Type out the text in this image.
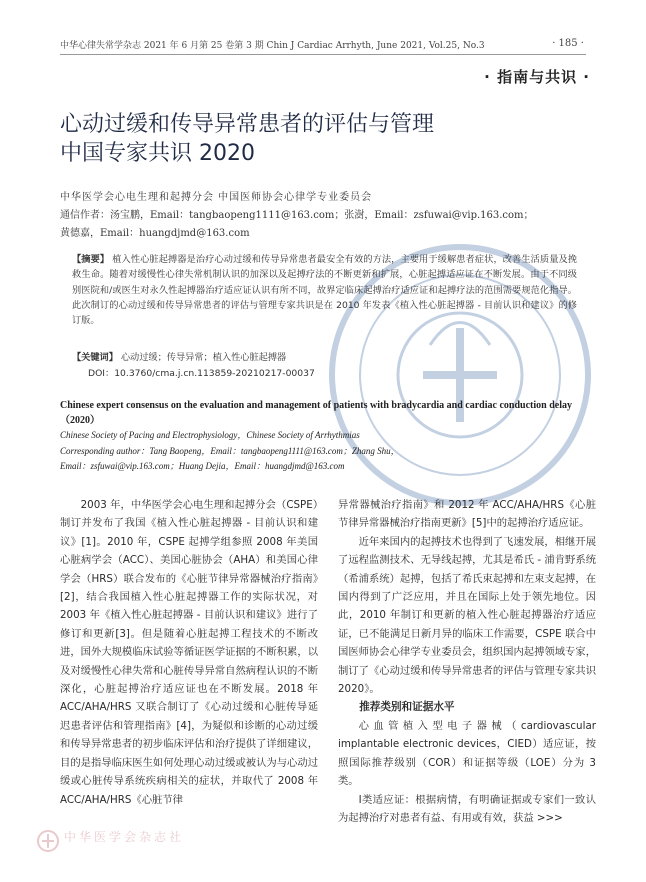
中华心律失常学杂志 2021 年 6 月第 25 卷第 3 期 Chin J Cardiac Arrhyth, June 2021, Vol.25, No.3	· 185 ·
· 指南与共识 ·
心动过缓和传导异常患者的评估与管理
中国专家共识 2020
中华医学会心电生理和起搏分会 中国医师协会心律学专业委员会
通信作者：汤宝鹏，Email：tangbaopeng1111@163.com；张澍，Email：zsfuwai@vip.163.com；
黄德嘉，Email：huangdjmd@163.com
【摘要】 植入性心脏起搏器是治疗心动过缓和传导异常患者最安全有效的方法，主要用于缓解患者症状，改善生活质量及挽救生命。随着对缓慢性心律失常机制认识的加深以及起搏疗法的不断更新和扩展，心脏起搏适应证在不断发展。由于不同级别医院和/或医生对永久性起搏器治疗适应证认识有所不同，故界定临床起搏治疗适应证和起搏疗法的范围需要规范化指导。此次制订的心动过缓和传导异常患者的评估与管理专家共识是在 2010 年发表《植入性心脏起搏器 - 目前认识和建议》的修订版。
【关键词】 心动过缓；传导异常；植入性心脏起搏器
DOI：10.3760/cma.j.cn.113859-20210217-00037
Chinese expert consensus on the evaluation and management of patients with bradycardia and cardiac conduction delay（2020）
Chinese Society of Pacing and Electrophysiology，Chinese Society of Arrhythmias
Corresponding author：Tang Baopeng，Email：tangbaopeng1111@163.com；Zhang Shu，
Email：zsfuwai@vip.163.com；Huang Dejia，Email：huangdjmd@163.com

2003 年，中华医学会心电生理和起搏分会（CSPE）制订并发布了我国《植入性心脏起搏器 - 目前认识和建议》[1]。2010 年，CSPE 起搏学组参照 2008 年美国心脏病学会（ACC）、美国心脏协会（AHA）和美国心律学会（HRS）联合发布的《心脏节律异常器械治疗指南》[2]，结合我国植入性心脏起搏器工作的实际状况，对 2003 年《植入性心脏起搏器 - 目前认识和建议》进行了修订和更新[3]。但是随着心脏起搏工程技术的不断改进，国外大规模临床试验等循证医学证据的不断积累，以及对缓慢性心律失常和心脏传导异常自然病程认识的不断深化，心脏起搏治疗适应证也在不断发展。2018 年 ACC/AHA/HRS 又联合制订了《心动过缓和心脏传导延迟患者评估和管理指南》[4]，为疑似和诊断的心动过缓和传导异常患者的初步临床评估和治疗提供了详细建议，目的是指导临床医生如何处理心动过缓或被认为与心动过缓或心脏传导系统疾病相关的症状，并取代了 2008 年 ACC/AHA/HRS《心脏节律

异常器械治疗指南》和 2012 年 ACC/AHA/HRS《心脏节律异常器械治疗指南更新》[5]中的起搏治疗适应证。

近年来国内的起搏技术也得到了飞速发展，相继开展了远程监测技术、无导线起搏，尤其是希氏 - 浦肯野系统（希浦系统）起搏，包括了希氏束起搏和左束支起搏，在国内得到了广泛应用，并且在国际上处于领先地位。因此，2010 年制订和更新的植入性心脏起搏器治疗适应证，已不能满足日新月异的临床工作需要，CSPE 联合中国医师协会心律学专业委员会，组织国内起搏领域专家，制订了《心动过缓和传导异常患者的评估与管理专家共识 2020》。

推荐类别和证据水平

心血管植入型电子器械（cardiovascular implantable electronic devices，CIED）适应证，按照国际推荐级别（COR）和证据等级（LOE）分为 3 类。

Ⅰ类适应证：根据病情，有明确证据或专家们一致认为起搏治疗对患者有益、有用或有效，获益 >>>

中华医学会杂志社
